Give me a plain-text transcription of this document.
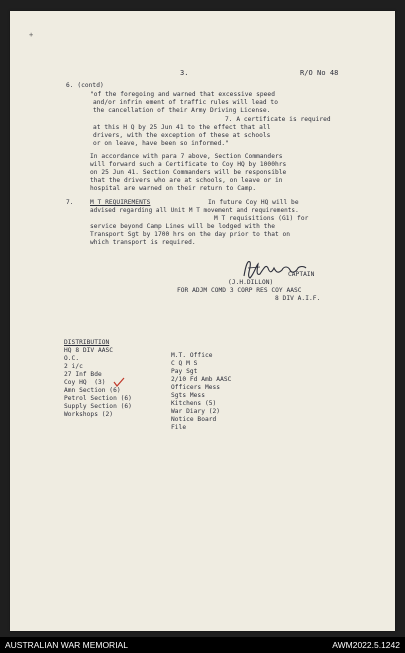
+
3.	R/O No 48
6. (contd)
"of the foregoing and warned that excessive speed
and/or infrin ement of traffic rules will lead to
the cancellation of their Army Driving License.
7. A certificate is required
at this H Q by 25 Jun 41 to the effect that all
drivers, with the exception of these at schools
or on leave, have been so informed."
In accordance with para 7 above, Section Commanders
will forward such a Certificate to Coy HQ by 1000hrs
on 25 Jun 41. Section Commanders will be responsible
that the drivers who are at schools, on leave or in
hospital are warned on their return to Camp.
7.	M T REQUIREMENTS	In future Coy HQ will be
advised regarding all Unit M T movement and requirements.
M T requisitions (G1) for
service beyond Camp Lines will be lodged with the
Transport Sgt by 1700 hrs on the day prior to that on
which transport is required.
CAPTAIN
(J.H.DILLON)
FOR ADJM COMD 3 CORP RES COY AASC
8 DIV A.I.F.
DISTRIBUTION
HQ 8 DIV AASC
O.C.
2 i/c
27 Inf Bde
Coy HQ  (3)
Amn Section (6)
Petrol Section (6)
Supply Section (6)
Workshops (2)
M.T. Office
C Q M S
Pay Sgt
2/10 Fd Amb AASC
Officers Mess
Sgts Mess
Kitchens (5)
War Diary (2)
Notice Board
File
AUSTRALIAN WAR MEMORIAL	AWM2022.5.1242
